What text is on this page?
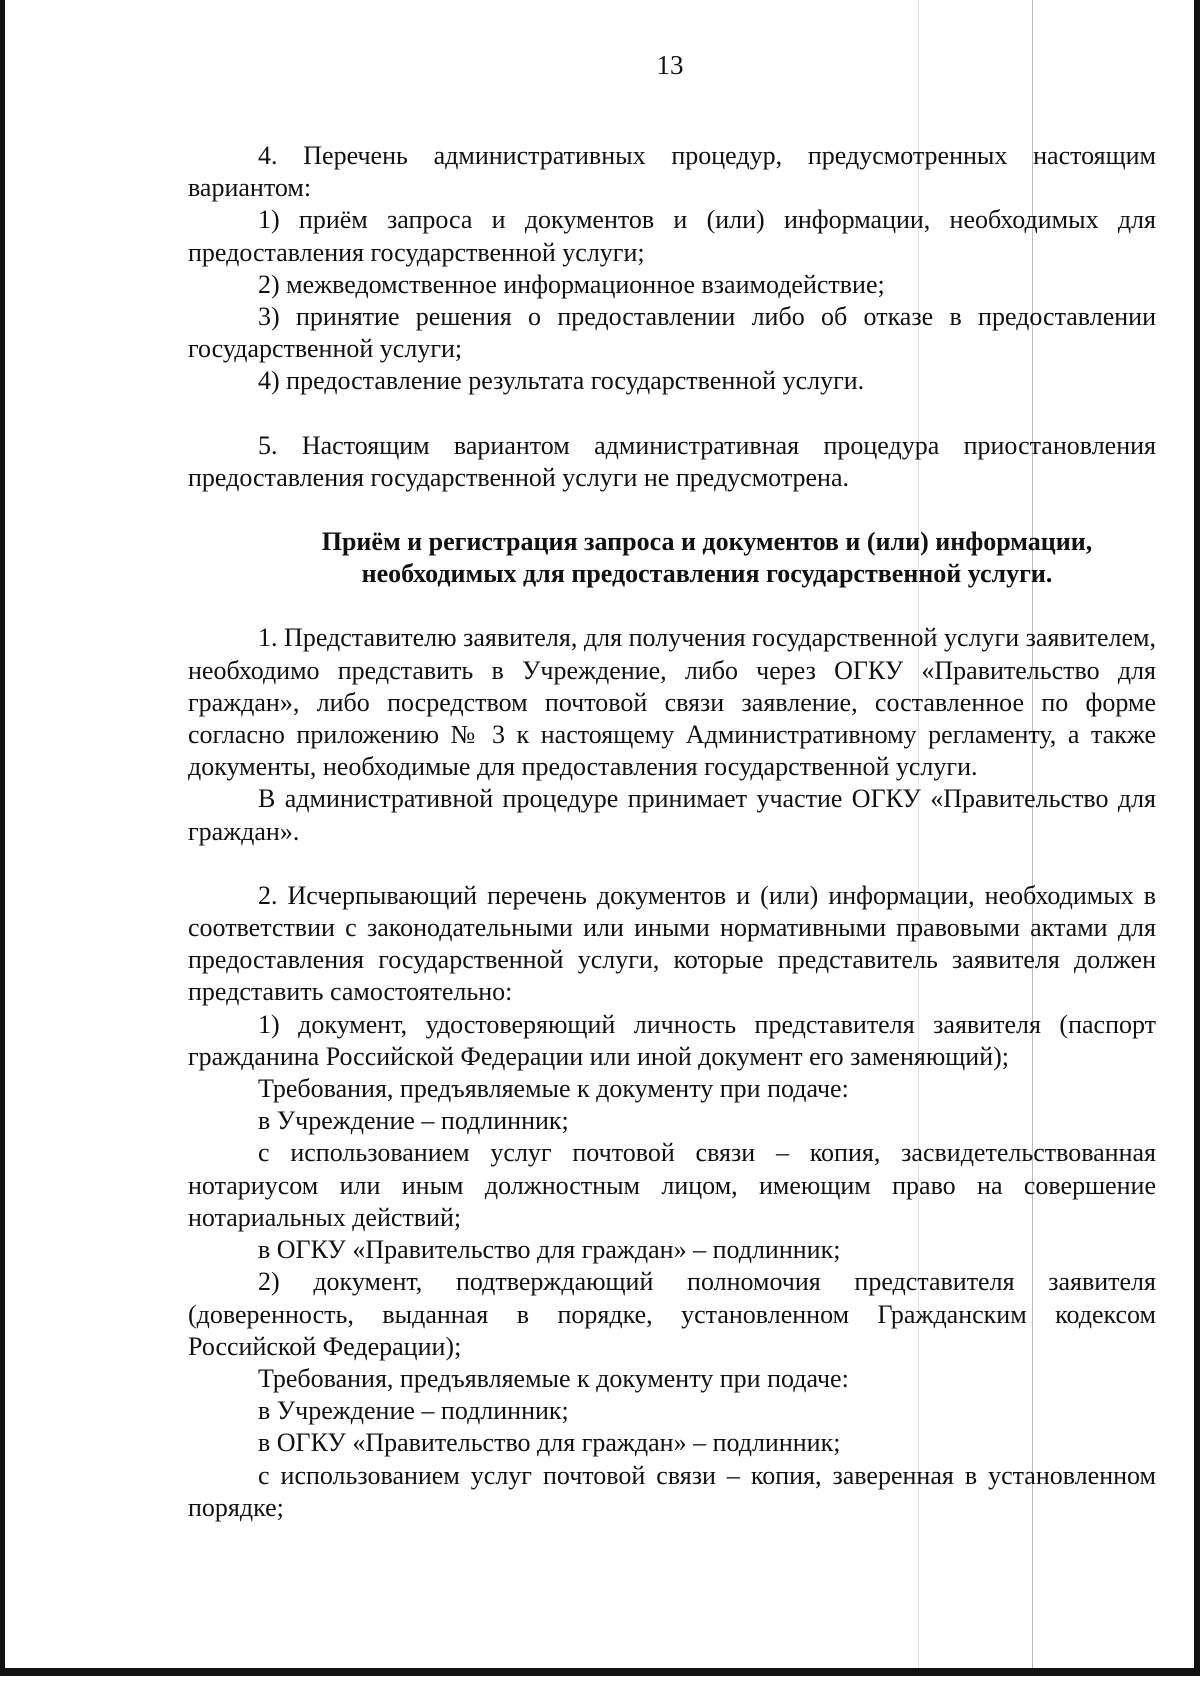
13

4. Перечень административных процедур, предусмотренных настоящим вариантом:

1) приём запроса и документов и (или) информации, необходимых для предоставления государственной услуги;

2) межведомственное информационное взаимодействие;

3) принятие решения о предоставлении либо об отказе в предоставлении государственной услуги;

4) предоставление результата государственной услуги.

5. Настоящим вариантом административная процедура приостановления предоставления государственной услуги не предусмотрена.

Приём и регистрация запроса и документов и (или) информации,

необходимых для предоставления государственной услуги.

1. Представителю заявителя, для получения государственной услуги заявителем, необходимо представить в Учреждение, либо через ОГКУ «Правительство для граждан», либо посредством почтовой связи заявление, составленное по форме согласно приложению № 3 к настоящему Административному регламенту, а также документы, необходимые для предоставления государственной услуги.

В административной процедуре принимает участие ОГКУ «Правительство для граждан».

2. Исчерпывающий перечень документов и (или) информации, необходимых в соответствии с законодательными или иными нормативными правовыми актами для предоставления государственной услуги, которые представитель заявителя должен представить самостоятельно:

1) документ, удостоверяющий личность представителя заявителя (паспорт гражданина Российской Федерации или иной документ его заменяющий);

Требования, предъявляемые к документу при подаче:

в Учреждение – подлинник;

с использованием услуг почтовой связи – копия, засвидетельствованная нотариусом или иным должностным лицом, имеющим право на совершение нотариальных действий;

в ОГКУ «Правительство для граждан» – подлинник;

2) документ, подтверждающий полномочия представителя заявителя (доверенность, выданная в порядке, установленном Гражданским кодексом Российской Федерации);

Требования, предъявляемые к документу при подаче:

в Учреждение – подлинник;

в ОГКУ «Правительство для граждан» – подлинник;

с использованием услуг почтовой связи – копия, заверенная в установленном порядке;
